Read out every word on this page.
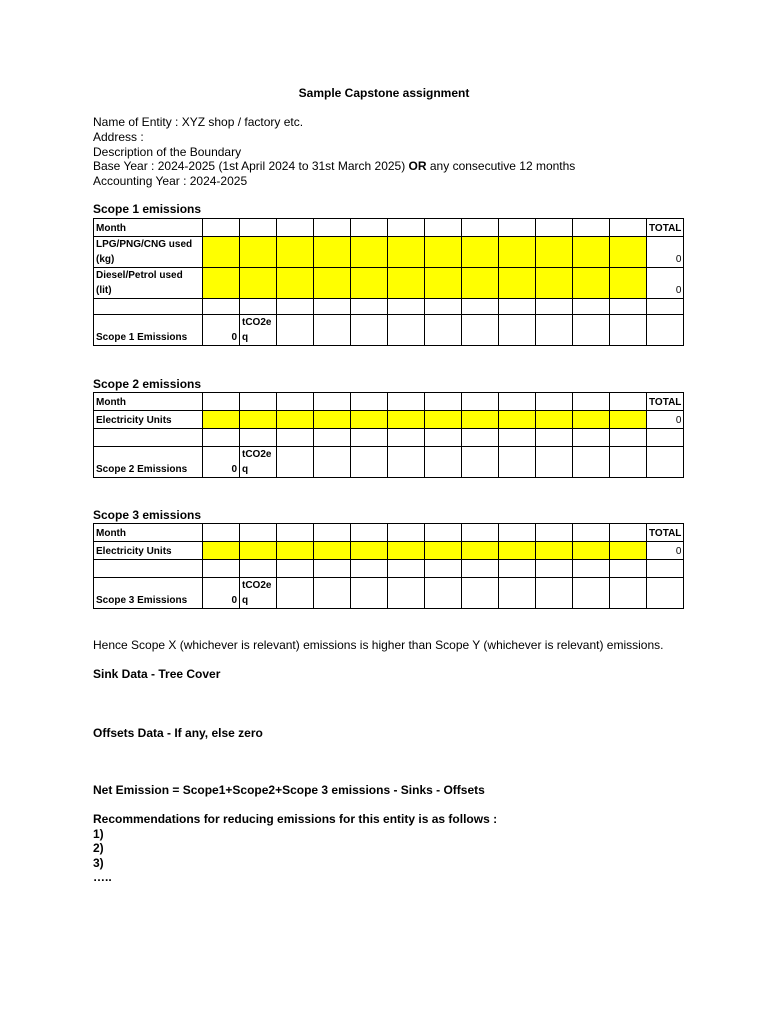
Sample Capstone assignment
Name of Entity : XYZ shop / factory etc.
Address :
Description of the Boundary
Base Year : 2024-2025 (1st April 2024 to 31st March 2025) OR any consecutive 12 months
Accounting Year : 2024-2025
Scope 1 emissions
Month													TOTAL
LPG/PNG/CNG used (kg)													0
Diesel/Petrol used (lit)													0

Scope 1 Emissions	0	tCO2eq											
Scope 2 emissions
Month													TOTAL
Electricity Units													0

Scope 2 Emissions	0	tCO2eq											
Scope 3 emissions
Month													TOTAL
Electricity Units													0

Scope 3 Emissions	0	tCO2eq											
Hence Scope X (whichever is relevant) emissions is higher than Scope Y (whichever is relevant) emissions.
Sink Data - Tree Cover
Offsets Data - If any, else zero
Net Emission = Scope1+Scope2+Scope 3 emissions - Sinks - Offsets
Recommendations for reducing emissions for this entity is as follows :
1)
2)
3)
…..
